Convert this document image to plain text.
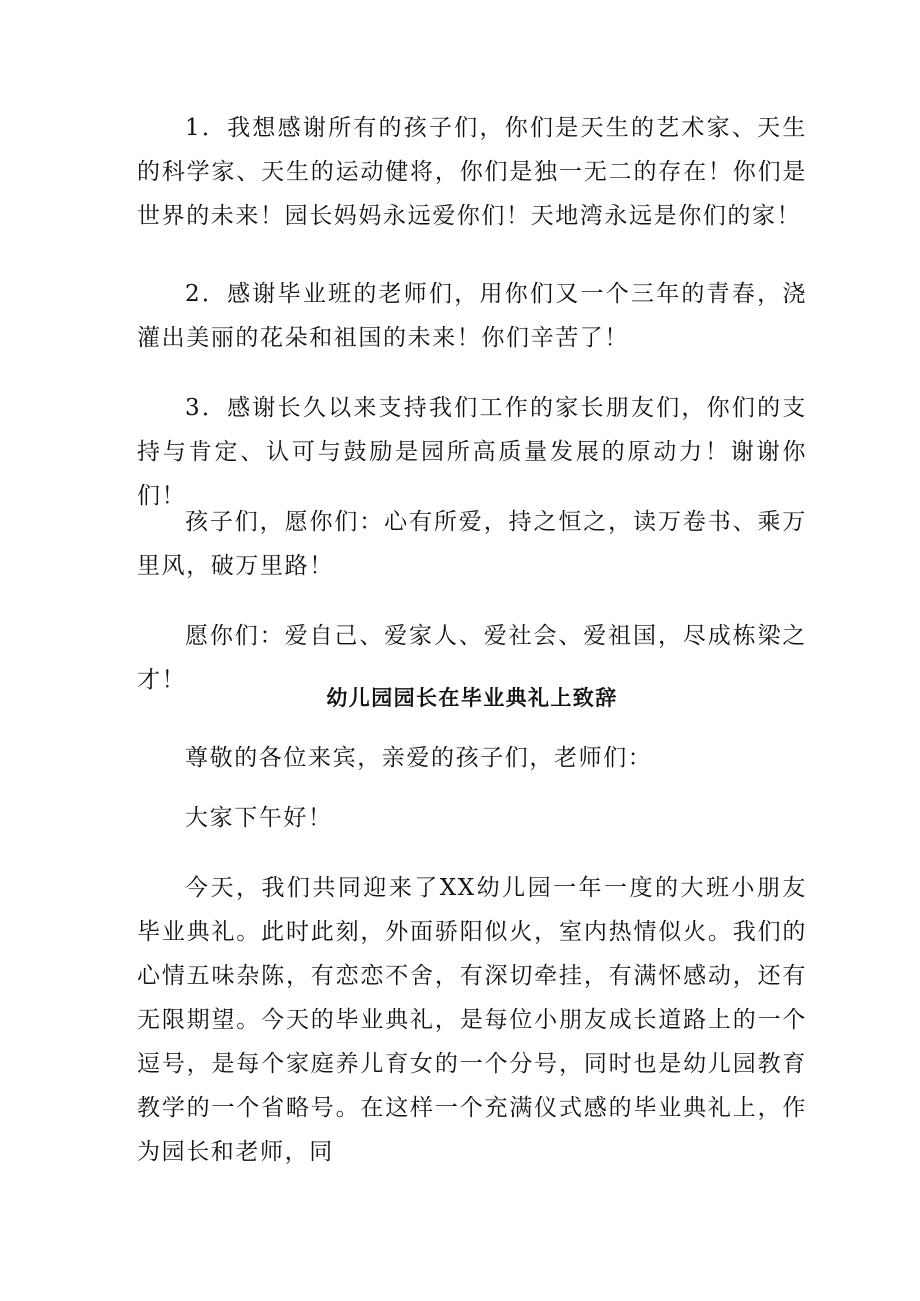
1．我想感谢所有的孩子们，你们是天生的艺术家、天生的科学家、天生的运动健将，你们是独一无二的存在！你们是世界的未来！园长妈妈永远爱你们！天地湾永远是你们的家！

2．感谢毕业班的老师们，用你们又一个三年的青春，浇灌出美丽的花朵和祖国的未来！你们辛苦了！

3．感谢长久以来支持我们工作的家长朋友们，你们的支持与肯定、认可与鼓励是园所高质量发展的原动力！谢谢你们！

孩子们，愿你们：心有所爱，持之恒之，读万卷书、乘万里风，破万里路！

愿你们：爱自己、爱家人、爱社会、爱祖国，尽成栋梁之才！

幼儿园园长在毕业典礼上致辞

尊敬的各位来宾，亲爱的孩子们，老师们：

大家下午好！

今天，我们共同迎来了XX幼儿园一年一度的大班小朋友毕业典礼。此时此刻，外面骄阳似火，室内热情似火。我们的心情五味杂陈，有恋恋不舍，有深切牵挂，有满怀感动，还有无限期望。今天的毕业典礼，是每位小朋友成长道路上的一个逗号，是每个家庭养儿育女的一个分号，同时也是幼儿园教育教学的一个省略号。在这样一个充满仪式感的毕业典礼上，作为园长和老师，同
